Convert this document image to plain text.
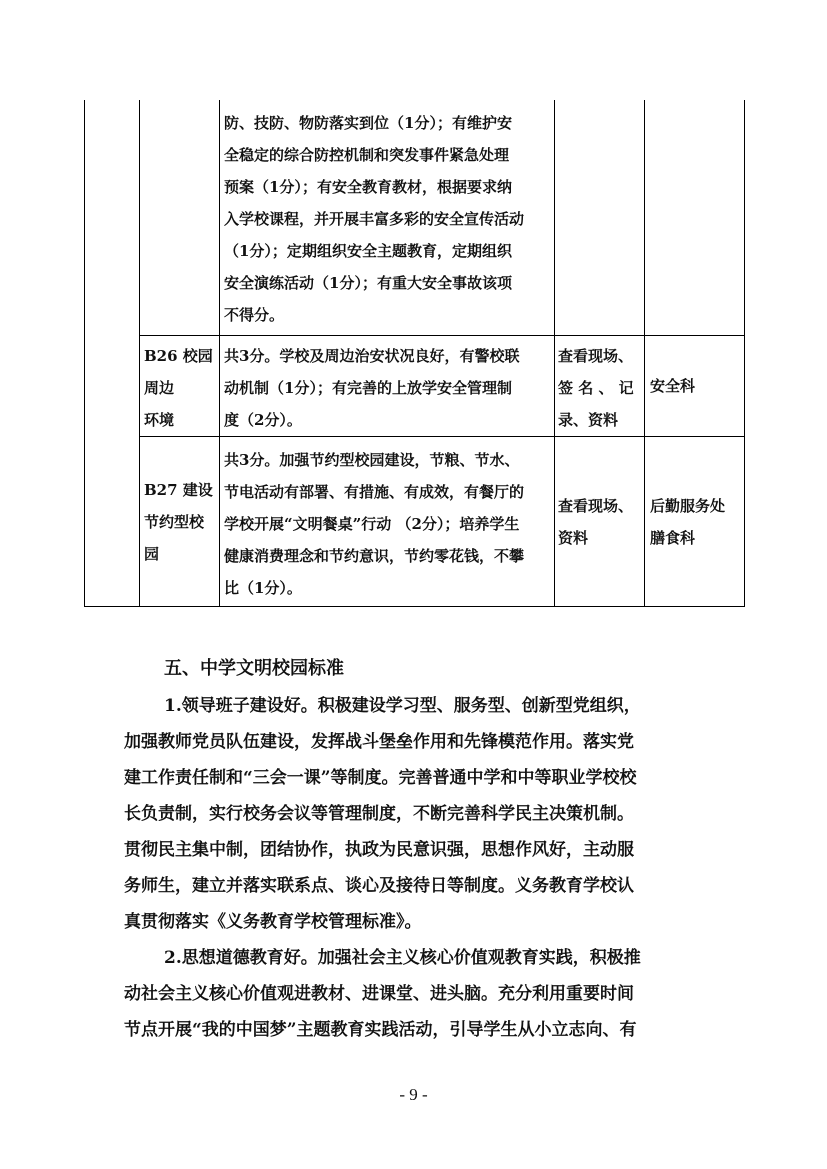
防、技防、物防落实到位（1分）；有维护安
全稳定的综合防控机制和突发事件紧急处理
预案（1分）；有安全教育教材，根据要求纳
入学校课程，并开展丰富多彩的安全宣传活动
（1分）；定期组织安全主题教育，定期组织
安全演练活动（1分）；有重大安全事故该项
不得分。
B26 校园
周边
环境
共3分。学校及周边治安状况良好，有警校联
动机制（1分）；有完善的上放学安全管理制
度（2分）。
查看现场、
签 名 、 记
录、资料
安全科
B27 建设
节约型校
园
共3分。加强节约型校园建设，节粮、节水、
节电活动有部署、有措施、有成效，有餐厅的
学校开展“文明餐桌”行动 （2分）；培养学生
健康消费理念和节约意识，节约零花钱，不攀
比（1分）。
查看现场、
资料
后勤服务处
膳食科
五、中学文明校园标准
1.领导班子建设好。积极建设学习型、服务型、创新型党组织，
加强教师党员队伍建设，发挥战斗堡垒作用和先锋模范作用。落实党
建工作责任制和“三会一课”等制度。完善普通中学和中等职业学校校
长负责制，实行校务会议等管理制度，不断完善科学民主决策机制。
贯彻民主集中制，团结协作，执政为民意识强，思想作风好，主动服
务师生，建立并落实联系点、谈心及接待日等制度。义务教育学校认
真贯彻落实《义务教育学校管理标准》。
2.思想道德教育好。加强社会主义核心价值观教育实践，积极推
动社会主义核心价值观进教材、进课堂、进头脑。充分利用重要时间
节点开展“我的中国梦”主题教育实践活动，引导学生从小立志向、有
- 9 -
